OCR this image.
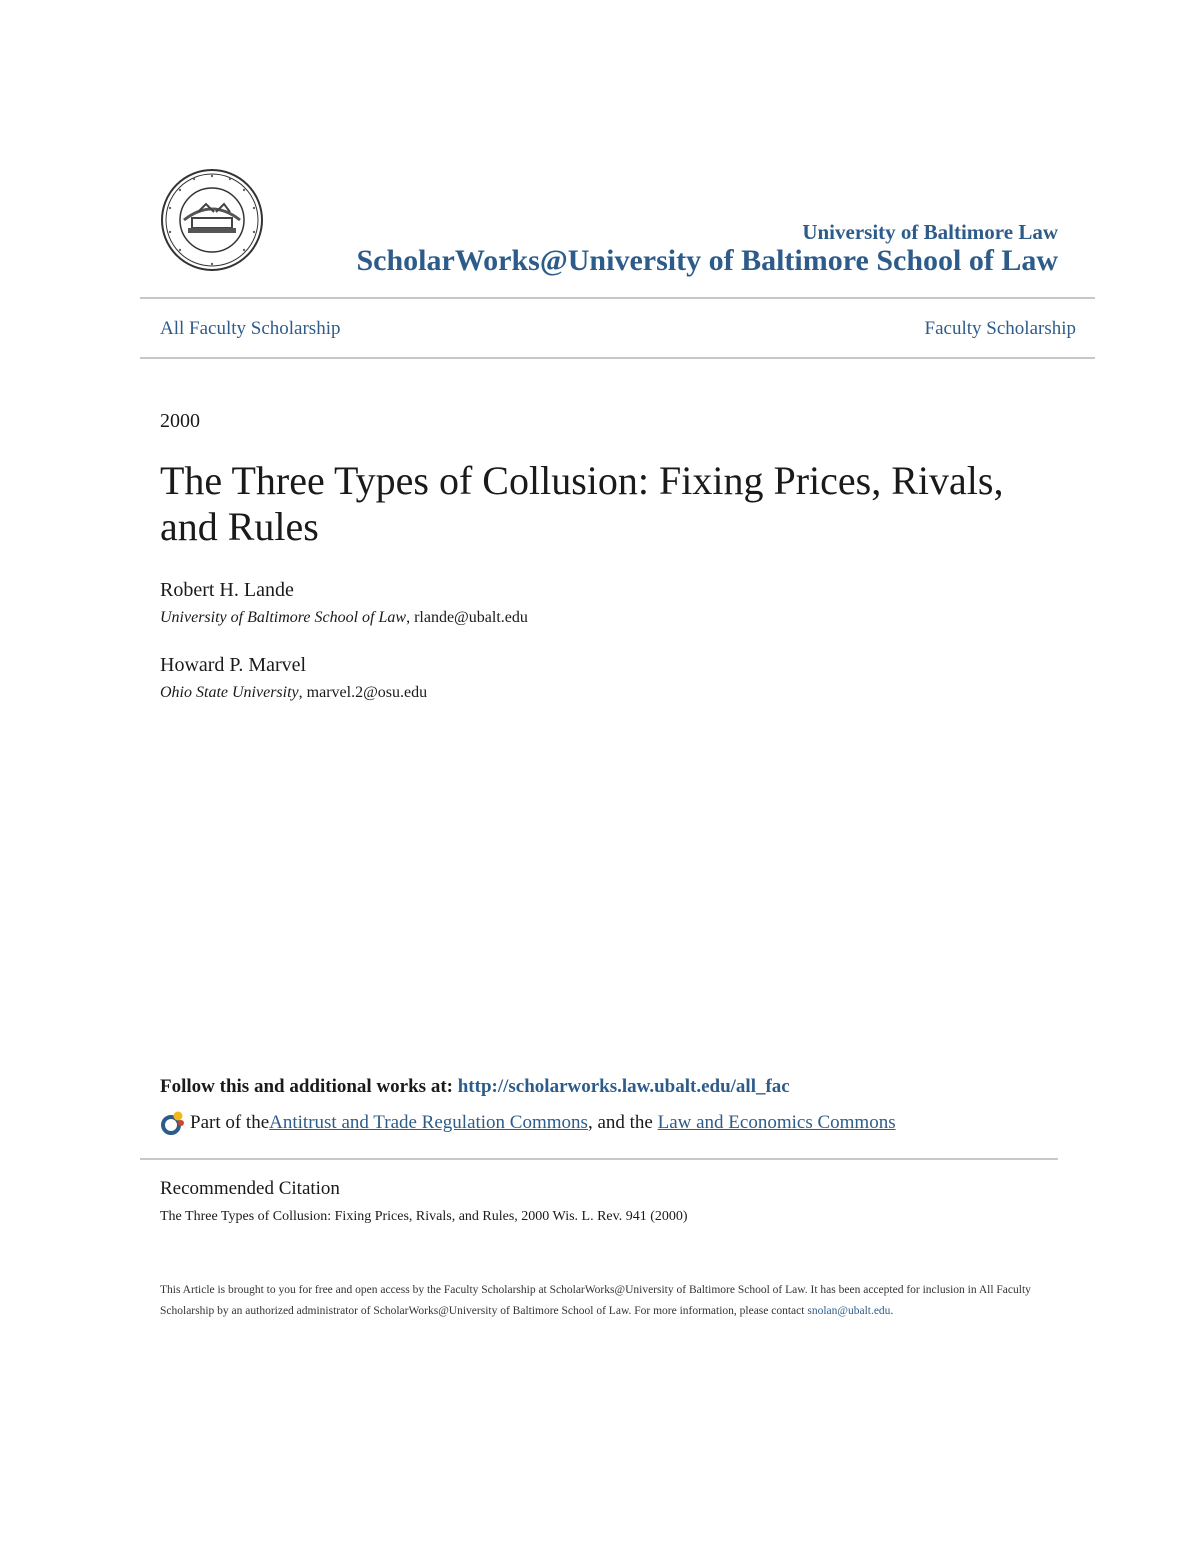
University of Baltimore Law
ScholarWorks@University of Baltimore School of Law
All Faculty Scholarship	Faculty Scholarship
2000
The Three Types of Collusion: Fixing Prices, Rivals, and Rules
Robert H. Lande
University of Baltimore School of Law, rlande@ubalt.edu
Howard P. Marvel
Ohio State University, marvel.2@osu.edu
Follow this and additional works at: http://scholarworks.law.ubalt.edu/all_fac
Part of the Antitrust and Trade Regulation Commons , and the Law and Economics Commons
Recommended Citation
The Three Types of Collusion: Fixing Prices, Rivals, and Rules, 2000 Wis. L. Rev. 941 (2000)
This Article is brought to you for free and open access by the Faculty Scholarship at ScholarWorks@University of Baltimore School of Law. It has been accepted for inclusion in All Faculty Scholarship by an authorized administrator of ScholarWorks@University of Baltimore School of Law. For more information, please contact snolan@ubalt.edu.
